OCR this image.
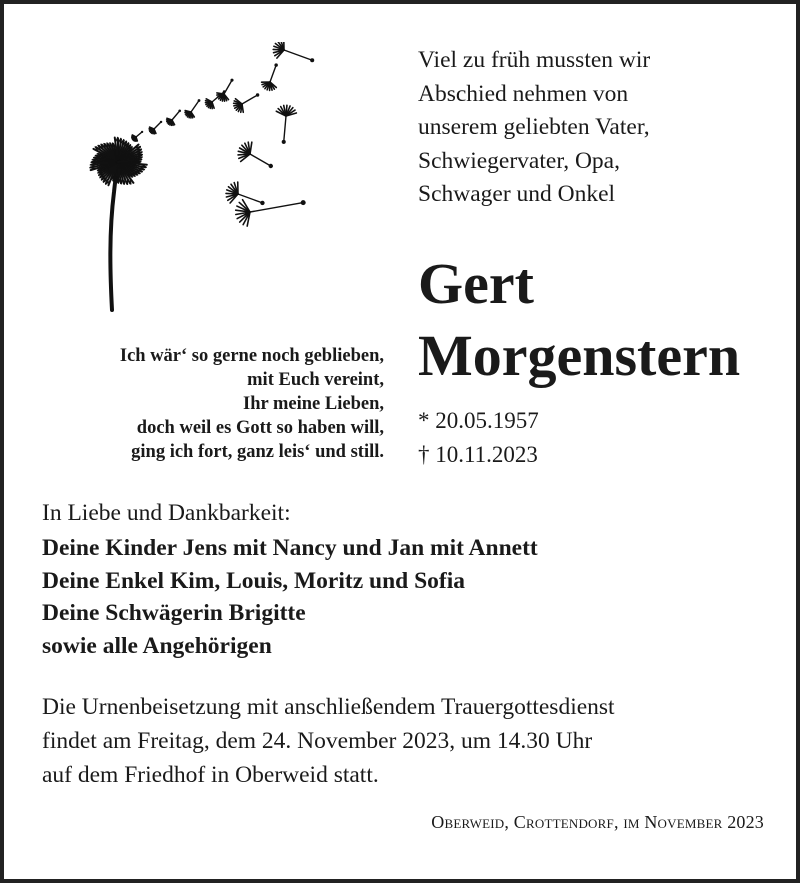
Viel zu früh mussten wir
Abschied nehmen von
unserem geliebten Vater,
Schwiegervater, Opa,
Schwager und Onkel
Gert
Morgenstern
* 20.05.1957
† 10.11.2023
Ich wär‘ so gerne noch geblieben,
mit Euch vereint,
Ihr meine Lieben,
doch weil es Gott so haben will,
ging ich fort, ganz leis‘ und still.
In Liebe und Dankbarkeit:
Deine Kinder Jens mit Nancy und Jan mit Annett
Deine Enkel Kim, Louis, Moritz und Sofia
Deine Schwägerin Brigitte
sowie alle Angehörigen
Die Urnenbeisetzung mit anschließendem Trauergottesdienst
findet am Freitag, dem 24. November 2023, um 14.30 Uhr
auf dem Friedhof in Oberweid statt.
Oberweid, Crottendorf, im November 2023
